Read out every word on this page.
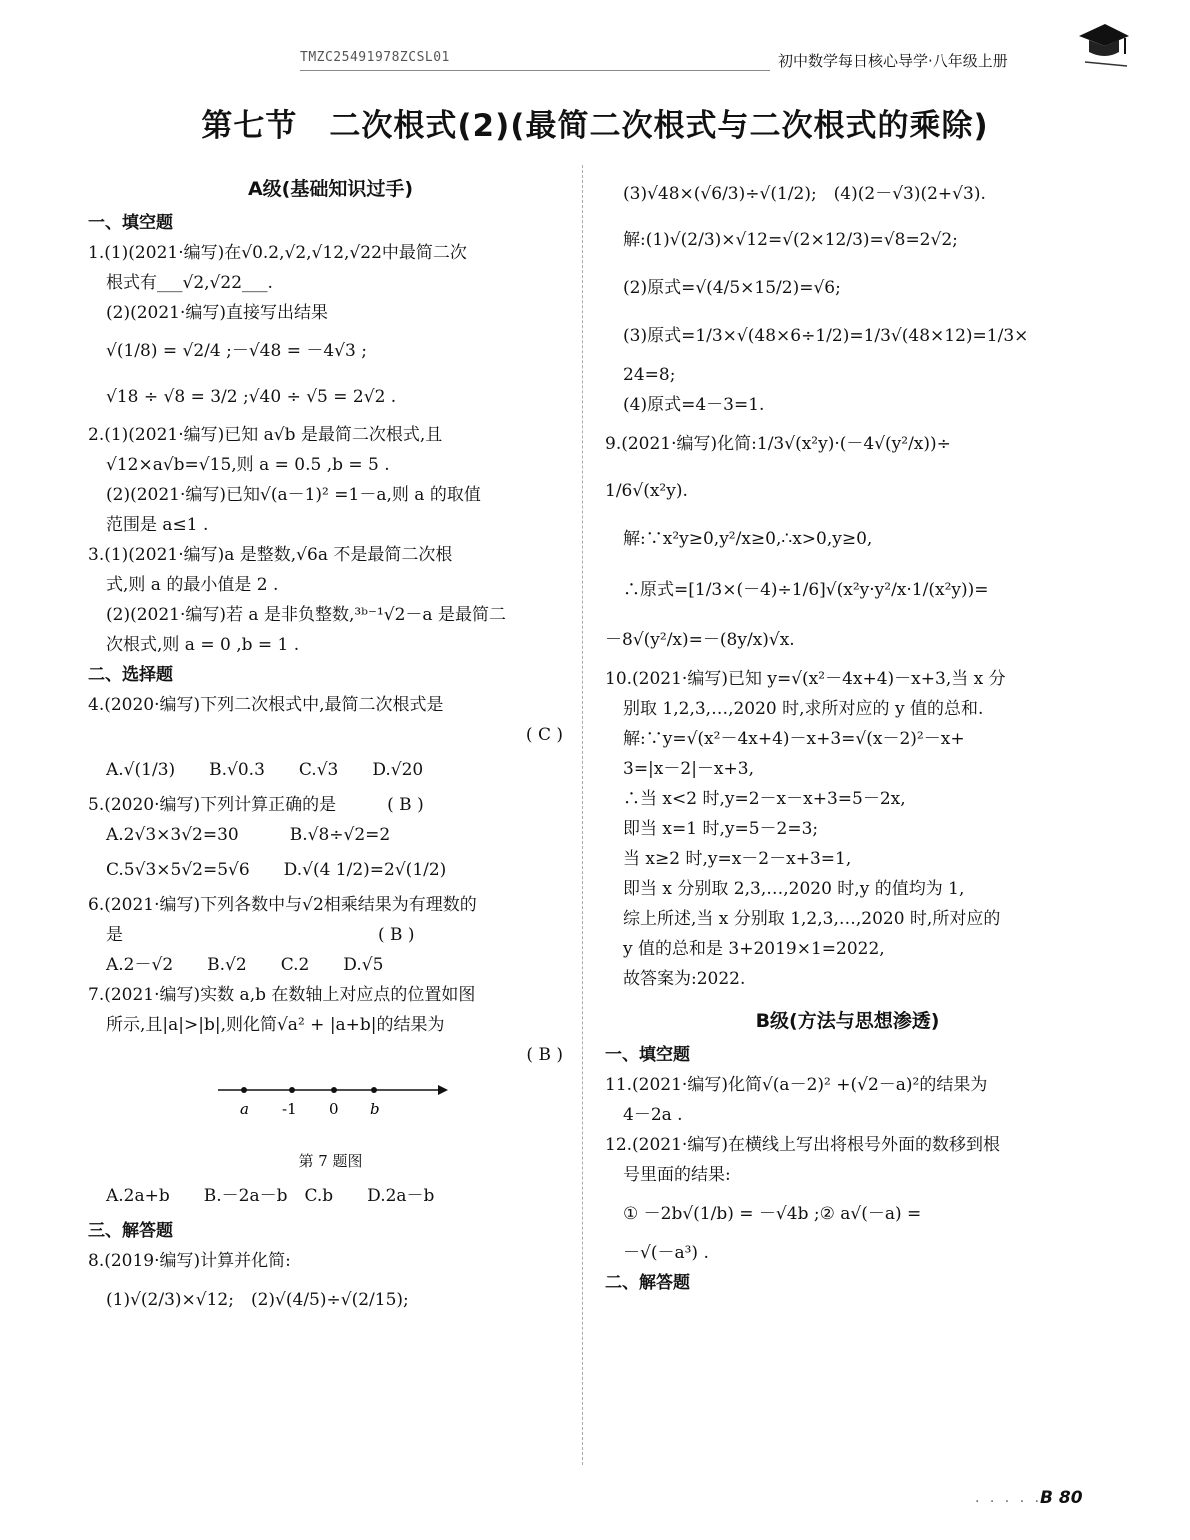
TMZC25491978ZCSL01	初中数学每日核心导学·八年级上册
第七节　二次根式(2)(最简二次根式与二次根式的乘除)

A级(基础知识过手)

一、填空题

1.(1)(2021·编写)在√0.2,√2,√12,√22中最简二次

根式有___√2,√22___.

(2)(2021·编写)直接写出结果

√(1/8) = √2/4 ;－√48 = －4√3 ;

√18 ÷ √8 = 3/2 ;√40 ÷ √5 = 2√2 .

2.(1)(2021·编写)已知 a√b 是最简二次根式,且

√12×a√b=√15,则 a = 0.5 ,b = 5 .

(2)(2021·编写)已知√(a－1)² =1－a,则 a 的取值

范围是 a≤1 .

3.(1)(2021·编写)a 是整数,√6a 不是最简二次根

式,则 a 的最小值是 2 .

(2)(2021·编写)若 a 是非负整数,³ᵇ⁻¹√2－a 是最简二

次根式,则 a = 0 ,b = 1 .

二、选择题

4.(2020·编写)下列二次根式中,最简二次根式是

( C )

A.√(1/3)　　B.√0.3　　C.√3　　D.√20

5.(2020·编写)下列计算正确的是　　　( B )

A.2√3×3√2=30　　　B.√8÷√2=2

C.5√3×5√2=5√6　　D.√(4 1/2)=2√(1/2)

6.(2021·编写)下列各数中与√2相乘结果为有理数的

是　　　　　　　　　　　　　　　( B )

A.2－√2　　B.√2　　C.2　　D.√5

7.(2021·编写)实数 a,b 在数轴上对应点的位置如图

所示,且|a|>|b|,则化简√a² + |a+b|的结果为

( B )

a -1 0 b

第 7 题图

A.2a+b　　B.－2a－b　C.b　　D.2a－b

三、解答题

8.(2019·编写)计算并化简:

(1)√(2/3)×√12;　(2)√(4/5)÷√(2/15);

(3)√48×(√6/3)÷√(1/2);　(4)(2－√3)(2+√3).

解:(1)√(2/3)×√12=√(2×12/3)=√8=2√2;

(2)原式=√(4/5×15/2)=√6;

(3)原式=1/3×√(48×6÷1/2)=1/3√(48×12)=1/3×

24=8;

(4)原式=4－3=1.

9.(2021·编写)化简:1/3√(x²y)·(－4√(y²/x))÷

1/6√(x²y).

解:∵x²y≥0,y²/x≥0,∴x>0,y≥0,

∴原式=[1/3×(－4)÷1/6]√(x²y·y²/x·1/(x²y))=

－8√(y²/x)=－(8y/x)√x.

10.(2021·编写)已知 y=√(x²－4x+4)－x+3,当 x 分

别取 1,2,3,…,2020 时,求所对应的 y 值的总和.

解:∵y=√(x²－4x+4)－x+3=√(x－2)²－x+

3=|x－2|－x+3,

∴当 x<2 时,y=2－x－x+3=5－2x,

即当 x=1 时,y=5－2=3;

当 x≥2 时,y=x－2－x+3=1,

即当 x 分别取 2,3,…,2020 时,y 的值均为 1,

综上所述,当 x 分别取 1,2,3,…,2020 时,所对应的

y 值的总和是 3+2019×1=2022,

故答案为:2022.

B级(方法与思想渗透)

一、填空题

11.(2021·编写)化简√(a－2)² +(√2－a)²的结果为

4－2a .

12.(2021·编写)在横线上写出将根号外面的数移到根

号里面的结果:

① －2b√(1/b) = －√4b ;② a√(－a) =

－√(－a³) .

二、解答题

· · · · ·
B 80
